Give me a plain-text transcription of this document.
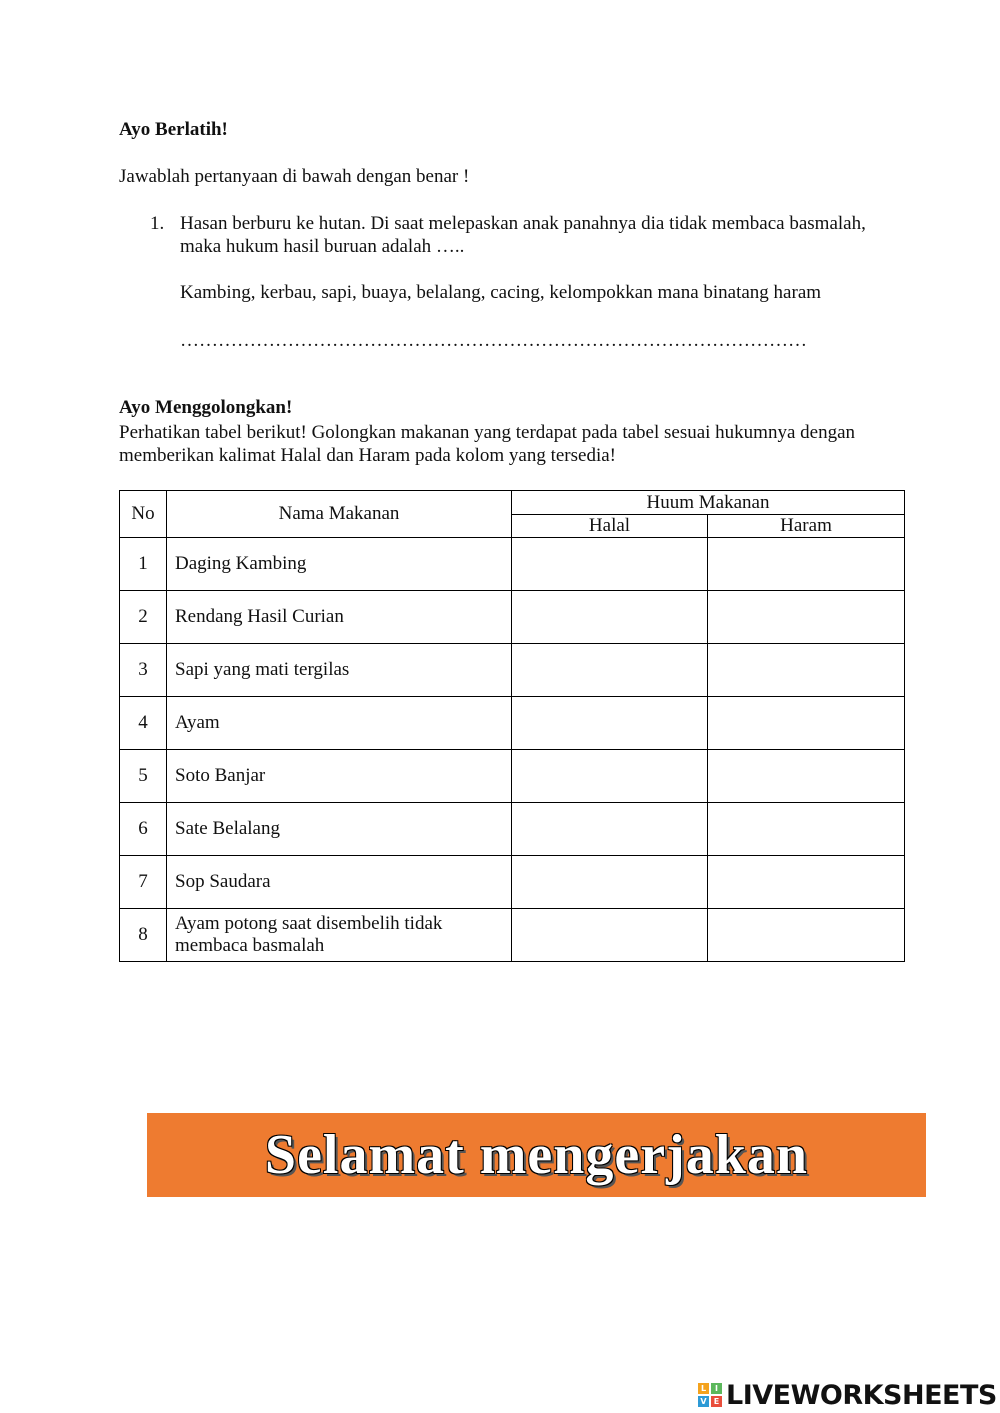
Ayo Berlatih!
Jawablah pertanyaan di bawah dengan benar !
1. Hasan berburu ke hutan. Di saat melepaskan anak panahnya dia tidak membaca basmalah, maka hukum hasil buruan adalah …..
Kambing, kerbau, sapi, buaya, belalang, cacing, kelompokkan mana binatang haram
………………………………………………………………………………………
Ayo Menggolongkan!
Perhatikan tabel berikut! Golongkan makanan yang terdapat pada tabel sesuai hukumnya dengan memberikan kalimat Halal dan Haram pada kolom yang tersedia!
No	Nama Makanan	Huum Makanan	
		Halal	Haram
1	Daging Kambing		
2	Rendang Hasil Curian		
3	Sapi yang mati tergilas		
4	Ayam		
5	Soto Banjar		
6	Sate Belalang		
7	Sop Saudara		
8	Ayam potong saat disembelih tidak membaca basmalah		
Selamat mengerjakan
L	I
V E LIVEWORKSHEETS
